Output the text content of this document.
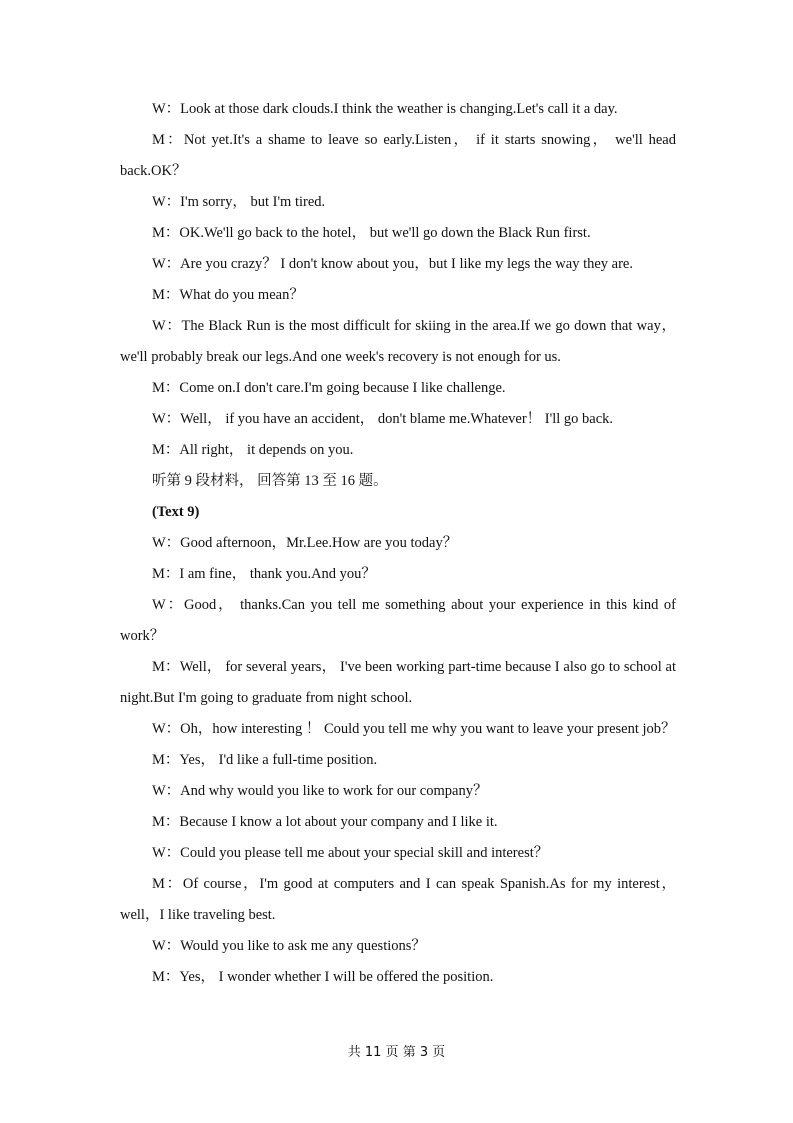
W：Look at those dark clouds.I think the weather is changing.Let's call it a day.
M：Not yet.It's a shame to leave so early.Listen， if it starts snowing， we'll head back.OK？
W：I'm sorry， but I'm tired.
M：OK.We'll go back to the hotel， but we'll go down the Black Run first.
W：Are you crazy？ I don't know about you，but I like my legs the way they are.
M：What do you mean？
W：The Black Run is the most difficult for skiing in the area.If we go down that way， we'll probably break our legs.And one week's recovery is not enough for us.
M：Come on.I don't care.I'm going because I like challenge.
W：Well， if you have an accident， don't blame me.Whatever！ I'll go back.
M：All right， it depends on you.
听第 9 段材料， 回答第 13 至 16 题。
(Text 9)
W：Good afternoon，Mr.Lee.How are you today？
M：I am fine， thank you.And you？
W：Good， thanks.Can you tell me something about your experience in this kind of work？
M：Well， for several years， I've been working part-time because I also go to school at night.But I'm going to graduate from night school.
W：Oh，how interesting ！ Could you tell me why you want to leave your present job？
M：Yes， I'd like a full-time position.
W：And why would you like to work for our company？
M：Because I know a lot about your company and I like it.
W：Could you please tell me about your special skill and interest？
M：Of course，I'm good at computers and I can speak Spanish.As for my interest， well，I like traveling best.
W：Would you like to ask me any questions？
M：Yes， I wonder whether I will be offered the position.
共 11 页 第 3 页
